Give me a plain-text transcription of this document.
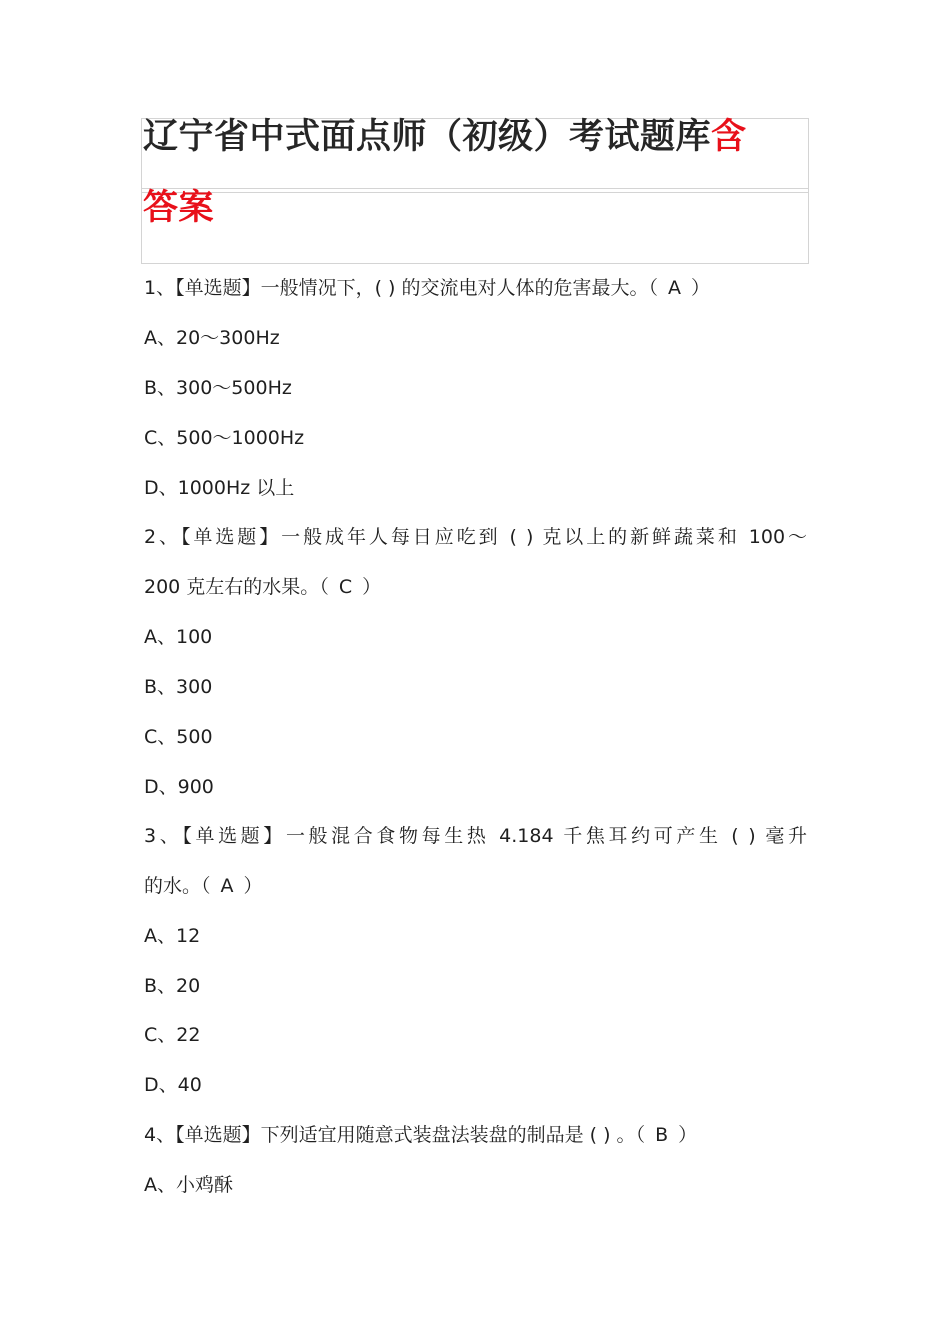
辽宁省中式面点师（初级）考试题库含
答案
1、【单选题】一般情况下，( ) 的交流电对人体的危害最大。（ A ）
A、20～300Hz
B、300～500Hz
C、500～1000Hz
D、1000Hz 以上
2、【单选题】一般成年人每日应吃到 ( ) 克以上的新鲜蔬菜和 100～
200 克左右的水果。（ C ）
A、100
B、300
C、500
D、900
3、【单选题】一般混合食物每生热 4.184 千焦耳约可产生 ( ) 毫升
的水。（ A ）
A、12
B、20
C、22
D、40
4、【单选题】下列适宜用随意式装盘法装盘的制品是 ( ) 。（ B ）
A、小鸡酥
